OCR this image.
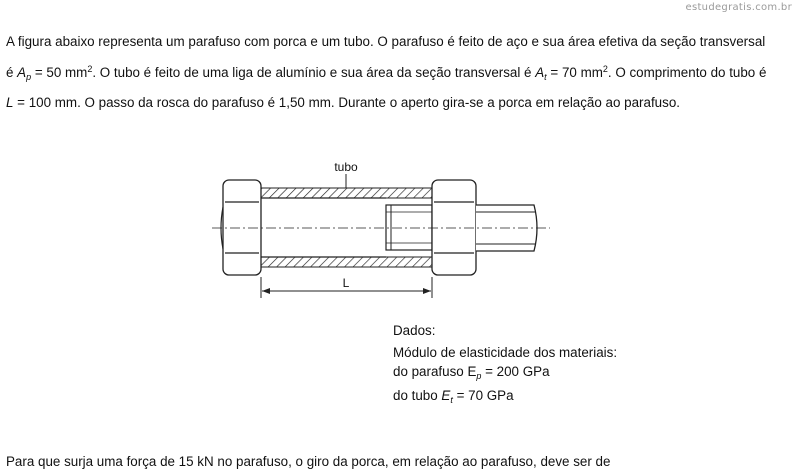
estudegratis.com.br
A figura abaixo representa um parafuso com porca e um tubo. O parafuso é feito de aço e sua área efetiva da seção transversal
é $A_p = 50$ $mm^2$. O tubo é feito de uma liga de alumínio e sua área da seção transversal é $A_t = 70$ $mm^2$. O comprimento do tubo é
L = 100 mm. O passo da rosca do parafuso é 1,50 mm. Durante o aperto gira-se a porca em relação ao parafuso.
tubo
L
Dados:
Módulo de elasticidade dos materiais:
do parafuso $E_p = 200$ GPa
do tubo $E_t = 70$ GPa
Para que surja uma força de 15 kN no parafuso, o giro da porca, em relação ao parafuso, deve ser de
